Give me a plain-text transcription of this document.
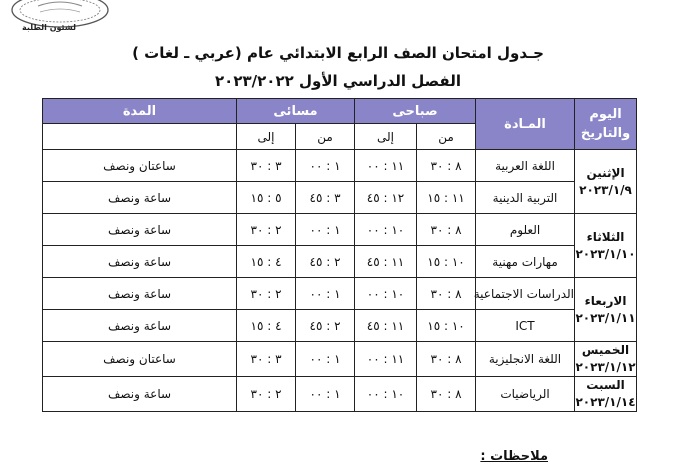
لشئون الطلبة
جـدول امتحان الصف الرابع الابتدائي عام (عربي ـ لغات )
الفصل الدراسي الأول ٢٠٢٣/٢٠٢٢
اليوم
والتاريخ	المـادة	صباحى		مسائى		المدة
		من	إلى	من	إلى	
الإثنين
٢٠٢٣/١/٩	اللغة العربية	٨ : ٣٠	١١ : ٠٠	١ : ٠٠	٣ : ٣٠	ساعتان ونصف
	التربية الدينية	١١ : ١٥	١٢ : ٤٥	٣ : ٤٥	٥ : ١٥	ساعة ونصف
الثلاثاء
٢٠٢٣/١/١٠	العلوم	٨ : ٣٠	١٠ : ٠٠	١ : ٠٠	٢ : ٣٠	ساعة ونصف
	مهارات مهنية	١٠ : ١٥	١١ : ٤٥	٢ : ٤٥	٤ : ١٥	ساعة ونصف
الاربعاء
٢٠٢٣/١/١١	الدراسات الاجتماعية	٨ : ٣٠	١٠ : ٠٠	١ : ٠٠	٢ : ٣٠	ساعة ونصف
	ICT	١٠ : ١٥	١١ : ٤٥	٢ : ٤٥	٤ : ١٥	ساعة ونصف
الخميس
٢٠٢٣/١/١٢	اللغة الانجليزية	٨ : ٣٠	١١ : ٠٠	١ : ٠٠	٣ : ٣٠	ساعتان ونصف
السبت
٢٠٢٣/١/١٤	الرياضيات	٨ : ٣٠	١٠ : ٠٠	١ : ٠٠	٢ : ٣٠	ساعة ونصف
ملاحظات :
